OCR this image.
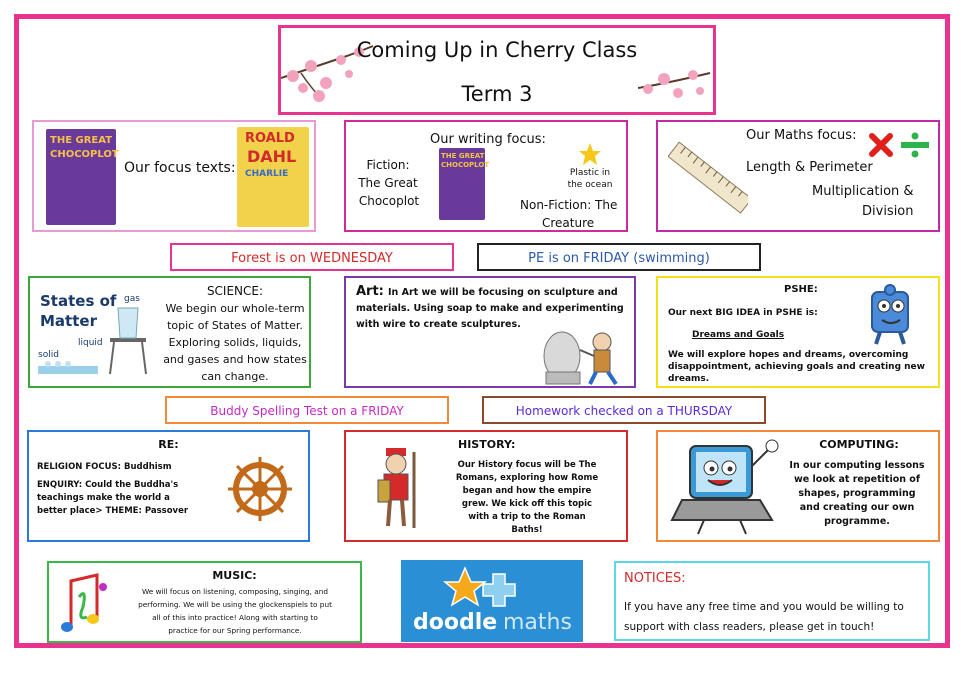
Coming Up in Cherry Class
Term 3
THE GREAT
CHOCOPLOT
Our focus texts:
ROALD
DAHL
CHARLIE
Our writing focus:
Fiction:
The Great
Chocoplot
THE GREAT
CHOCOPLOT
Plastic in
the ocean
Non-Fiction: The
Creature
Our Maths focus:
Length & Perimeter
Multiplication &
Division
Forest is on WEDNESDAY	PE is on FRIDAY (swimming)
States of
Matter
gas
liquid
solid
SCIENCE:
We begin our whole-term
topic of States of Matter.
Exploring solids, liquids,
and gases and how states
can change.
Art: In Art we will be focusing on sculpture and
materials. Using soap to make and experimenting
with wire to create sculptures.
PSHE:
Our next BIG IDEA in PSHE is:
Dreams and Goals
We will explore hopes and dreams, overcoming
disappointment, achieving goals and creating new
dreams.
Buddy Spelling Test on a FRIDAY	Homework checked on a THURSDAY
RE:
RELIGION FOCUS: Buddhism
ENQUIRY: Could the Buddha's
teachings make the world a
better place> THEME: Passover
HISTORY:
Our History focus will be The
Romans, exploring how Rome
began and how the empire
grew. We kick off this topic
with a trip to the Roman
Baths!
COMPUTING:
In our computing lessons
we look at repetition of
shapes, programming
and creating our own
programme.
MUSIC:
We will focus on listening, composing, singing, and
performing. We will be using the glockenspiels to put
all of this into practice! Along with starting to
practice for our Spring performance.	doodle maths
NOTICES:
If you have any free time and you would be willing to
support with class readers, please get in touch!
